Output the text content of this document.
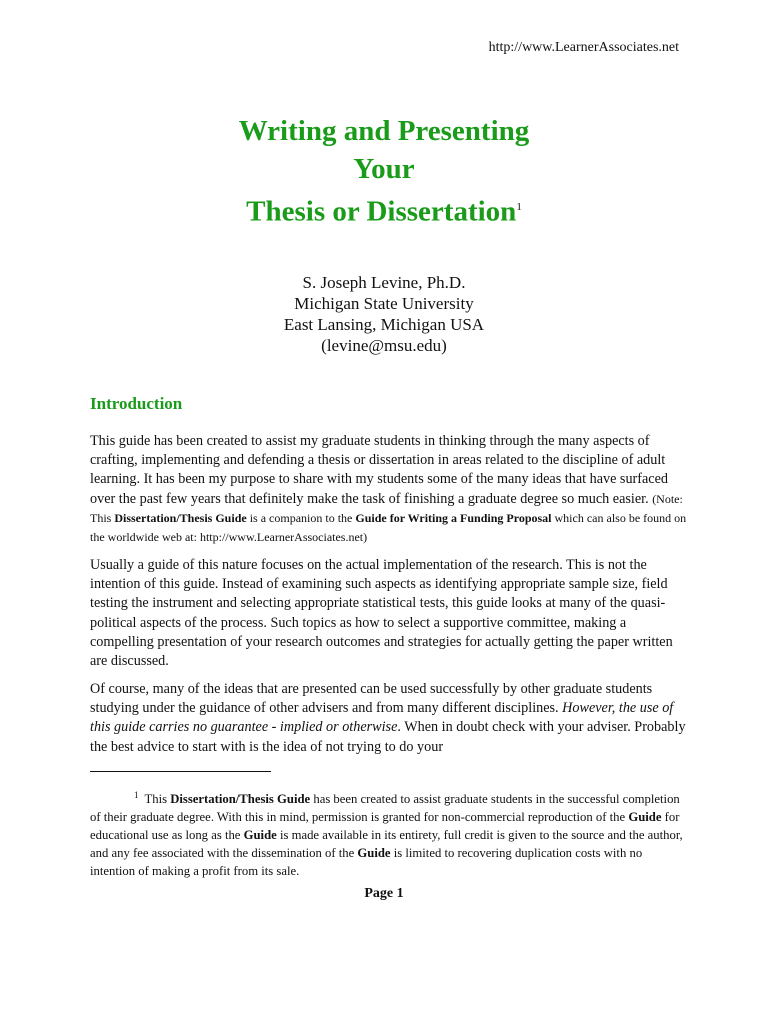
http://www.LearnerAssociates.net
Writing and Presenting
Your
Thesis or Dissertation$^1$
S. Joseph Levine, Ph.D.
Michigan State University
East Lansing, Michigan USA
(levine@msu.edu)
Introduction

This guide has been created to assist my graduate students in thinking through the many aspects of crafting, implementing and defending a thesis or dissertation in areas related to the discipline of adult learning. It has been my purpose to share with my students some of the many ideas that have surfaced over the past few years that definitely make the task of finishing a graduate degree so much easier. (Note: This Dissertation/Thesis Guide is a companion to the Guide for Writing a Funding Proposal which can also be found on the worldwide web at: http://www.LearnerAssociates.net)

Usually a guide of this nature focuses on the actual implementation of the research. This is not the intention of this guide. Instead of examining such aspects as identifying appropriate sample size, field testing the instrument and selecting appropriate statistical tests, this guide looks at many of the quasi-political aspects of the process. Such topics as how to select a supportive committee, making a compelling presentation of your research outcomes and strategies for actually getting the paper written are discussed.

Of course, many of the ideas that are presented can be used successfully by other graduate students studying under the guidance of other advisers and from many different disciplines. However, the use of this guide carries no guarantee - implied or otherwise. When in doubt check with your adviser. Probably the best advice to start with is the idea of not trying to do your

$^1$ This Dissertation/Thesis Guide has been created to assist graduate students in the successful completion of their graduate degree. With this in mind, permission is granted for non-commercial reproduction of the Guide for educational use as long as the Guide is made available in its entirety, full credit is given to the source and the author, and any fee associated with the dissemination of the Guide is limited to recovering duplication costs with no intention of making a profit from its sale.

Page 1
